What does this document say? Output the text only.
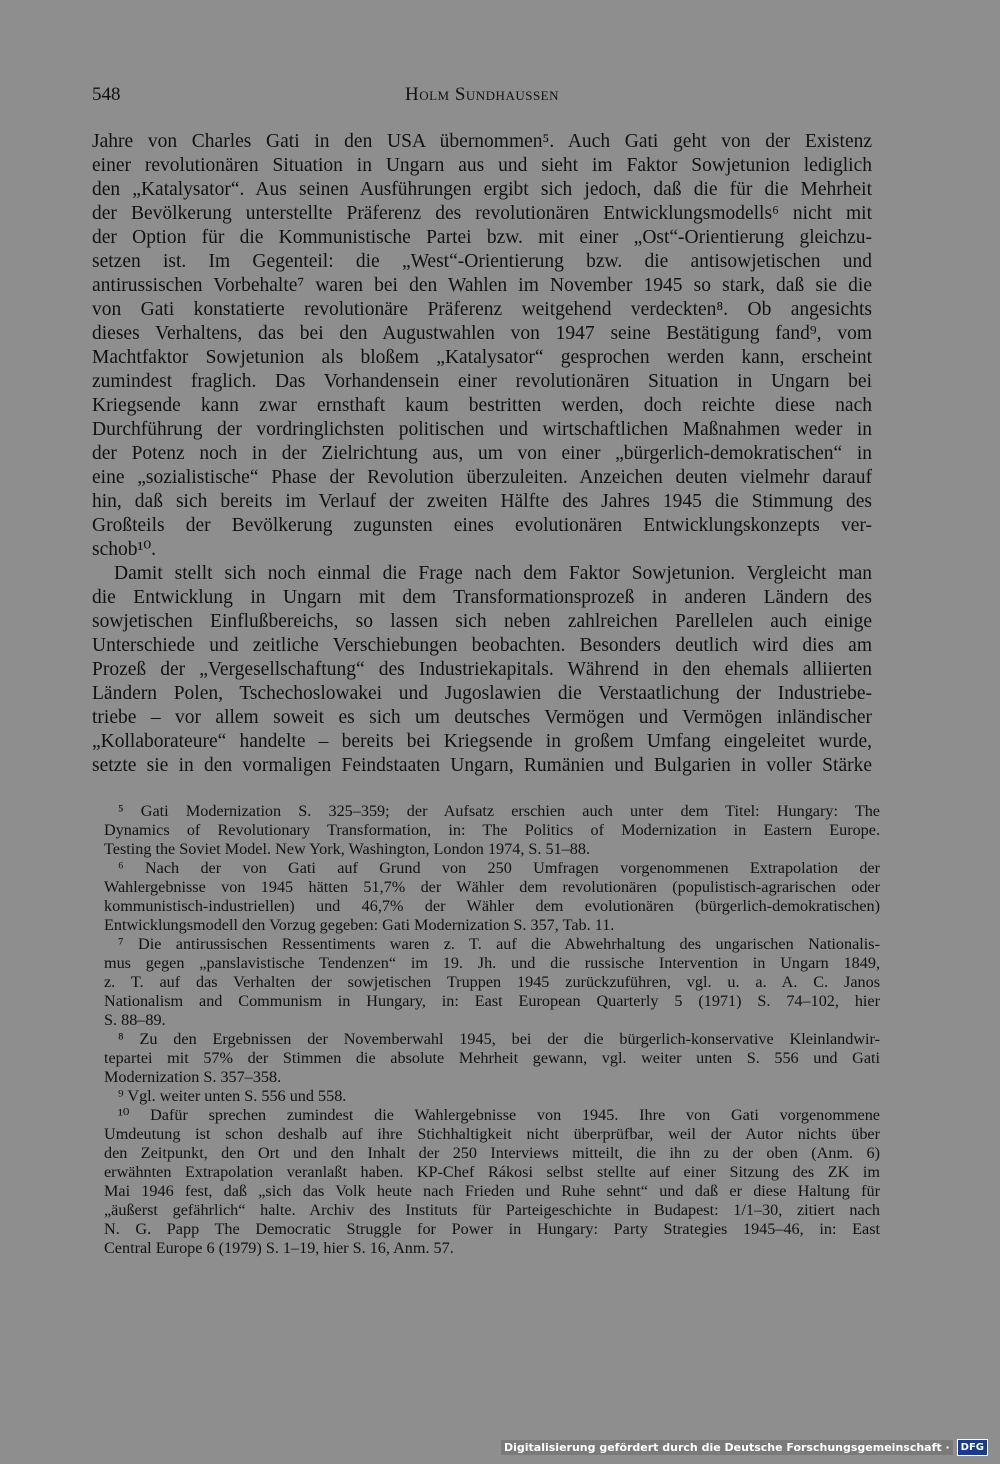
548	Holm Sundhaussen
Jahre von Charles Gati in den USA übernommen⁵. Auch Gati geht von der Existenz
einer revolutionären Situation in Ungarn aus und sieht im Faktor Sowjetunion lediglich
den „Katalysator“. Aus seinen Ausführungen ergibt sich jedoch, daß die für die Mehrheit
der Bevölkerung unterstellte Präferenz des revolutionären Entwicklungsmodells⁶ nicht mit
der Option für die Kommunistische Partei bzw. mit einer „Ost“-Orientierung gleichzu-
setzen ist. Im Gegenteil: die „West“-Orientierung bzw. die antisowjetischen und
antirussischen Vorbehalte⁷ waren bei den Wahlen im November 1945 so stark, daß sie die
von Gati konstatierte revolutionäre Präferenz weitgehend verdeckten⁸. Ob angesichts
dieses Verhaltens, das bei den Augustwahlen von 1947 seine Bestätigung fand⁹, vom
Machtfaktor Sowjetunion als bloßem „Katalysator“ gesprochen werden kann, erscheint
zumindest fraglich. Das Vorhandensein einer revolutionären Situation in Ungarn bei
Kriegsende kann zwar ernsthaft kaum bestritten werden, doch reichte diese nach
Durchführung der vordringlichsten politischen und wirtschaftlichen Maßnahmen weder in
der Potenz noch in der Zielrichtung aus, um von einer „bürgerlich-demokratischen“ in
eine „sozialistische“ Phase der Revolution überzuleiten. Anzeichen deuten vielmehr darauf
hin, daß sich bereits im Verlauf der zweiten Hälfte des Jahres 1945 die Stimmung des
Großteils der Bevölkerung zugunsten eines evolutionären Entwicklungskonzepts ver-
schob¹⁰.
Damit stellt sich noch einmal die Frage nach dem Faktor Sowjetunion. Vergleicht man
die Entwicklung in Ungarn mit dem Transformationsprozeß in anderen Ländern des
sowjetischen Einflußbereichs, so lassen sich neben zahlreichen Parellelen auch einige
Unterschiede und zeitliche Verschiebungen beobachten. Besonders deutlich wird dies am
Prozeß der „Vergesellschaftung“ des Industriekapitals. Während in den ehemals alliierten
Ländern Polen, Tschechoslowakei und Jugoslawien die Verstaatlichung der Industriebe-
triebe – vor allem soweit es sich um deutsches Vermögen und Vermögen inländischer
„Kollaborateure“ handelte – bereits bei Kriegsende in großem Umfang eingeleitet wurde,
setzte sie in den vormaligen Feindstaaten Ungarn, Rumänien und Bulgarien in voller Stärke
⁵ Gati Modernization S. 325–359; der Aufsatz erschien auch unter dem Titel: Hungary: The
Dynamics of Revolutionary Transformation, in: The Politics of Modernization in Eastern Europe.
Testing the Soviet Model. New York, Washington, London 1974, S. 51–88.
⁶ Nach der von Gati auf Grund von 250 Umfragen vorgenommenen Extrapolation der
Wahlergebnisse von 1945 hätten 51,7% der Wähler dem revolutionären (populistisch-agrarischen oder
kommunistisch-industriellen) und 46,7% der Wähler dem evolutionären (bürgerlich-demokratischen)
Entwicklungsmodell den Vorzug gegeben: Gati Modernization S. 357, Tab. 11.
⁷ Die antirussischen Ressentiments waren z. T. auf die Abwehrhaltung des ungarischen Nationalis-
mus gegen „panslavistische Tendenzen“ im 19. Jh. und die russische Intervention in Ungarn 1849,
z. T. auf das Verhalten der sowjetischen Truppen 1945 zurückzuführen, vgl. u. a. A. C. Janos
Nationalism and Communism in Hungary, in: East European Quarterly 5 (1971) S. 74–102, hier
S. 88–89.
⁸ Zu den Ergebnissen der Novemberwahl 1945, bei der die bürgerlich-konservative Kleinlandwir-
tepartei mit 57% der Stimmen die absolute Mehrheit gewann, vgl. weiter unten S. 556 und Gati
Modernization S. 357–358.
⁹ Vgl. weiter unten S. 556 und 558.
¹⁰ Dafür sprechen zumindest die Wahlergebnisse von 1945. Ihre von Gati vorgenommene
Umdeutung ist schon deshalb auf ihre Stichhaltigkeit nicht überprüfbar, weil der Autor nichts über
den Zeitpunkt, den Ort und den Inhalt der 250 Interviews mitteilt, die ihn zu der oben (Anm. 6)
erwähnten Extrapolation veranlaßt haben. KP-Chef Rákosi selbst stellte auf einer Sitzung des ZK im
Mai 1946 fest, daß „sich das Volk heute nach Frieden und Ruhe sehnt“ und daß er diese Haltung für
„äußerst gefährlich“ halte. Archiv des Instituts für Parteigeschichte in Budapest: 1/1–30, zitiert nach
N. G. Papp The Democratic Struggle for Power in Hungary: Party Strategies 1945–46, in: East
Central Europe 6 (1979) S. 1–19, hier S. 16, Anm. 57.
Digitalisierung gefördert durch die Deutsche Forschungsgemeinschaft ·	DFG
